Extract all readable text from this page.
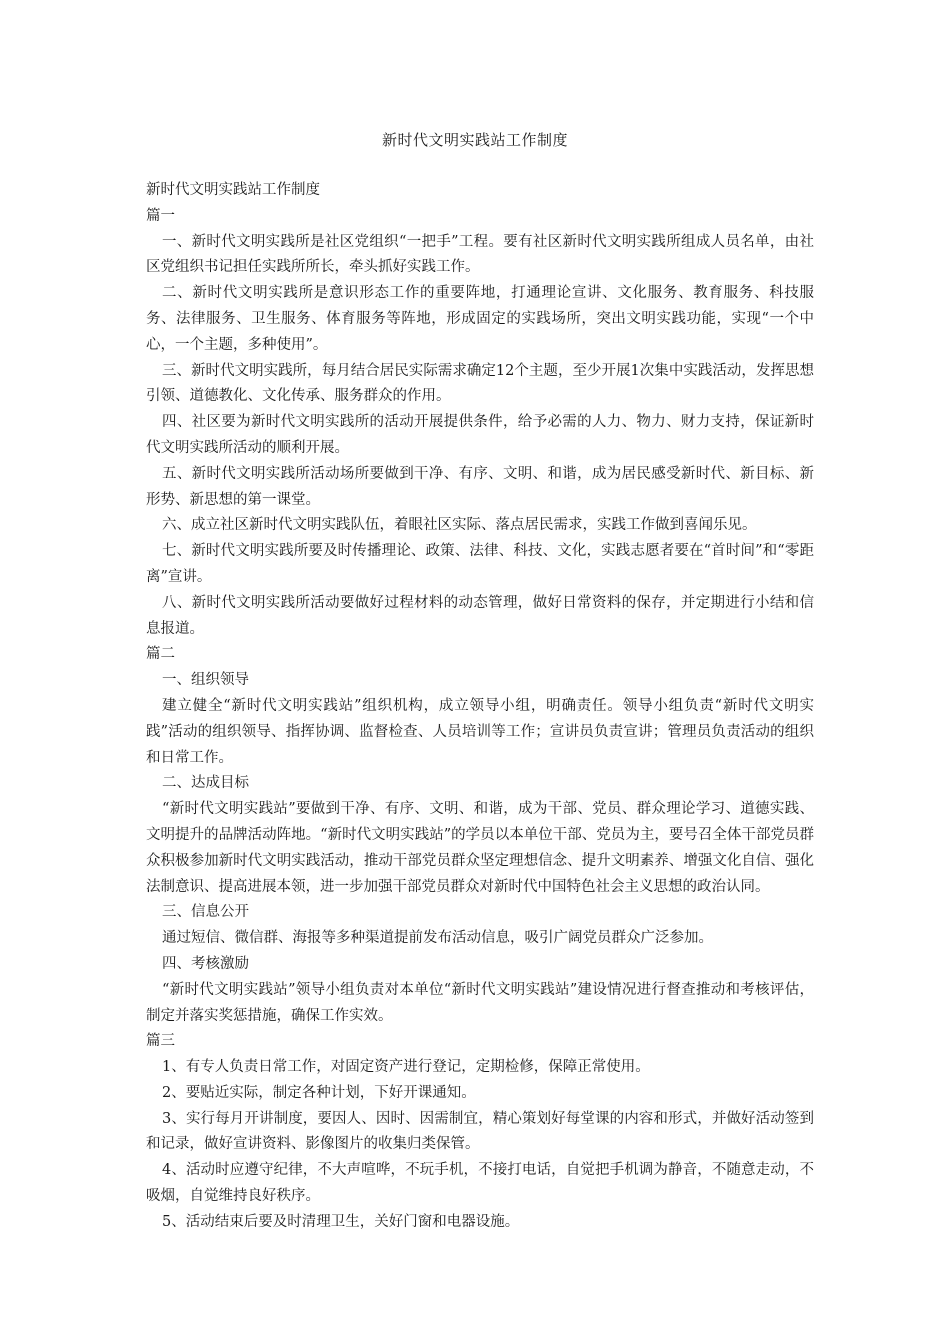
新时代文明实践站工作制度

新时代文明实践站工作制度

篇一

一、新时代文明实践所是社区党组织“一把手”工程。要有社区新时代文明实践所组成人员名单，由社区党组织书记担任实践所所长，牵头抓好实践工作。

二、新时代文明实践所是意识形态工作的重要阵地，打通理论宣讲、文化服务、教育服务、科技服务、法律服务、卫生服务、体育服务等阵地，形成固定的实践场所，突出文明实践功能，实现“一个中心，一个主题，多种使用”。

三、新时代文明实践所，每月结合居民实际需求确定12个主题，至少开展1次集中实践活动，发挥思想引领、道德教化、文化传承、服务群众的作用。

四、社区要为新时代文明实践所的活动开展提供条件，给予必需的人力、物力、财力支持，保证新时代文明实践所活动的顺利开展。

五、新时代文明实践所活动场所要做到干净、有序、文明、和谐，成为居民感受新时代、新目标、新形势、新思想的第一课堂。

六、成立社区新时代文明实践队伍，着眼社区实际、落点居民需求，实践工作做到喜闻乐见。

七、新时代文明实践所要及时传播理论、政策、法律、科技、文化，实践志愿者要在“首时间”和“零距离”宣讲。

八、新时代文明实践所活动要做好过程材料的动态管理，做好日常资料的保存，并定期进行小结和信息报道。

篇二

一、组织领导

建立健全“新时代文明实践站”组织机构，成立领导小组，明确责任。领导小组负责“新时代文明实践”活动的组织领导、指挥协调、监督检查、人员培训等工作；宣讲员负责宣讲；管理员负责活动的组织和日常工作。

二、达成目标

“新时代文明实践站”要做到干净、有序、文明、和谐，成为干部、党员、群众理论学习、道德实践、文明提升的品牌活动阵地。“新时代文明实践站”的学员以本单位干部、党员为主，要号召全体干部党员群众积极参加新时代文明实践活动，推动干部党员群众坚定理想信念、提升文明素养、增强文化自信、强化法制意识、提高进展本领，进一步加强干部党员群众对新时代中国特色社会主义思想的政治认同。

三、信息公开

通过短信、微信群、海报等多种渠道提前发布活动信息，吸引广阔党员群众广泛参加。

四、考核激励

“新时代文明实践站”领导小组负责对本单位“新时代文明实践站”建设情况进行督查推动和考核评估，制定并落实奖惩措施，确保工作实效。

篇三

1、有专人负责日常工作，对固定资产进行登记，定期检修，保障正常使用。

2、要贴近实际，制定各种计划，下好开课通知。

3、实行每月开讲制度，要因人、因时、因需制宜，精心策划好每堂课的内容和形式，并做好活动签到和记录，做好宣讲资料、影像图片的收集归类保管。

4、活动时应遵守纪律，不大声喧哗，不玩手机，不接打电话，自觉把手机调为静音，不随意走动，不吸烟，自觉维持良好秩序。

5、活动结束后要及时清理卫生，关好门窗和电器设施。
